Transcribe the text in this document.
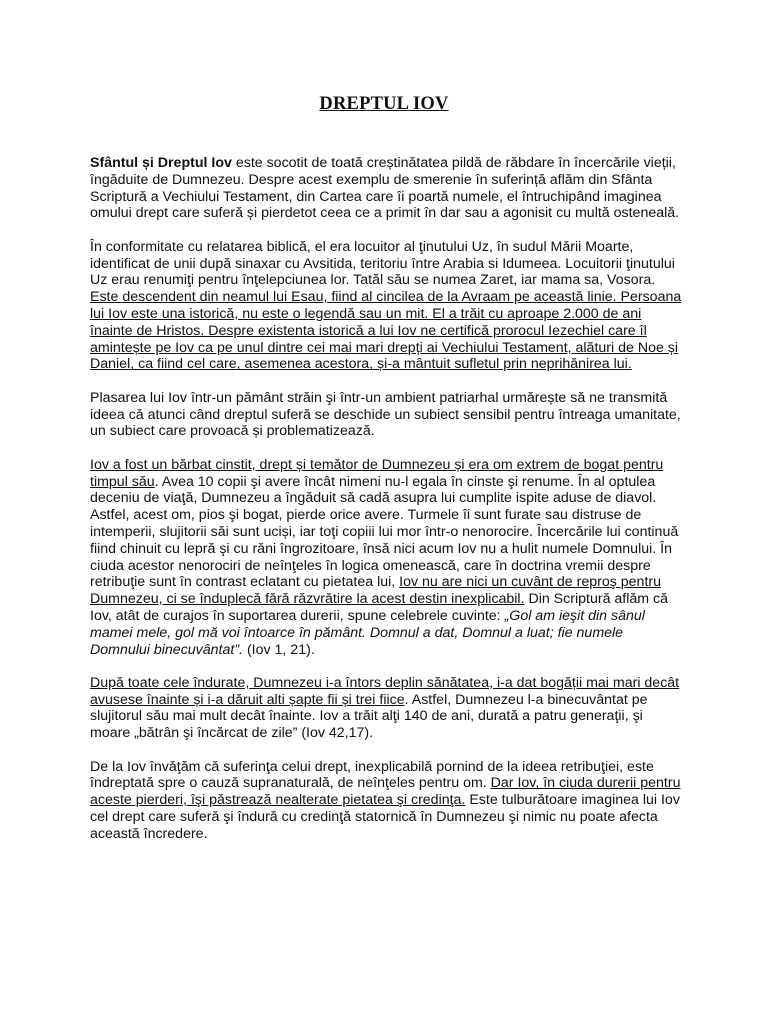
DREPTUL IOV

Sfântul și Dreptul Iov este socotit de toată creștinătatea pildă de răbdare în încercările vieții, îngăduite de Dumnezeu. Despre acest exemplu de smerenie în suferință aflăm din Sfânta Scriptură a Vechiului Testament, din Cartea care îi poartă numele, el întruchipând imaginea omului drept care suferă și pierdetot ceea ce a primit în dar sau a agonisit cu multă osteneală.

În conformitate cu relatarea biblică, el era locuitor al ţinutului Uz, în sudul Mării Moarte, identificat de unii după sinaxar cu Avsitida, teritoriu între Arabia si Idumeea. Locuitorii ţinutului Uz erau renumiţi pentru înţelepciunea lor. Tatăl său se numea Zaret, iar mama sa, Vosora. Este descendent din neamul lui Esau, fiind al cincilea de la Avraam pe această linie. Persoana lui Iov este una istorică, nu este o legendă sau un mit. El a trăit cu aproape 2.000 de ani înainte de Hristos. Despre existenta istorică a lui Iov ne certifică prorocul Iezechiel care îl amintește pe Iov ca pe unul dintre cei mai mari drepți ai Vechiului Testament, alături de Noe și Daniel, ca fiind cel care, asemenea acestora, și-a mântuit sufletul prin neprihănirea lui.

Plasarea lui Iov într-un pământ străin şi într-un ambient patriarhal urmărește să ne transmită ideea că atunci când dreptul suferă se deschide un subiect sensibil pentru întreaga umanitate, un subiect care provoacă și problematizează.

Iov a fost un bărbat cinstit, drept și temător de Dumnezeu și era om extrem de bogat pentru timpul său. Avea 10 copii şi avere încât nimeni nu-l egala în cinste şi renume. În al optulea deceniu de viaţă, Dumnezeu a îngăduit să cadă asupra lui cumplite ispite aduse de diavol. Astfel, acest om, pios şi bogat, pierde orice avere. Turmele îi sunt furate sau distruse de intemperii, slujitorii săi sunt uciși, iar toţi copiii lui mor într-o nenorocire. Încercările lui continuă fiind chinuit cu lepră şi cu răni îngrozitoare, însă nici acum Iov nu a hulit numele Domnului. În ciuda acestor nenorociri de neînţeles în logica omenească, care în doctrina vremii despre retribuţie sunt în contrast eclatant cu pietatea lui, Iov nu are nici un cuvânt de reproş pentru Dumnezeu, ci se înduplecă fără răzvrătire la acest destin inexplicabil. Din Scriptură aflăm că Iov, atât de curajos în suportarea durerii, spune celebrele cuvinte: „Gol am ieşit din sânul mamei mele, gol mă voi întoarce în pământ. Domnul a dat, Domnul a luat; fie numele Domnului binecuvântat”. (Iov 1, 21).

După toate cele îndurate, Dumnezeu i-a întors deplin sănătatea, i-a dat bogății mai mari decât avusese înainte și i-a dăruit alti șapte fii și trei fiice. Astfel, Dumnezeu l-a binecuvântat pe slujitorul său mai mult decât înainte. Iov a trăit alţi 140 de ani, durată a patru generaţii, şi moare „bătrân şi încărcat de zile” (Iov 42,17).

De la Iov învăţăm că suferinţa celui drept, inexplicabilă pornind de la ideea retribuţiei, este îndreptată spre o cauză supranaturală, de neînţeles pentru om. Dar Iov, în ciuda durerii pentru aceste pierderi, îşi păstrează nealterate pietatea şi credinţa. Este tulburătoare imaginea lui Iov cel drept care suferă şi îndură cu credinţă statornică în Dumnezeu şi nimic nu poate afecta această încredere.
